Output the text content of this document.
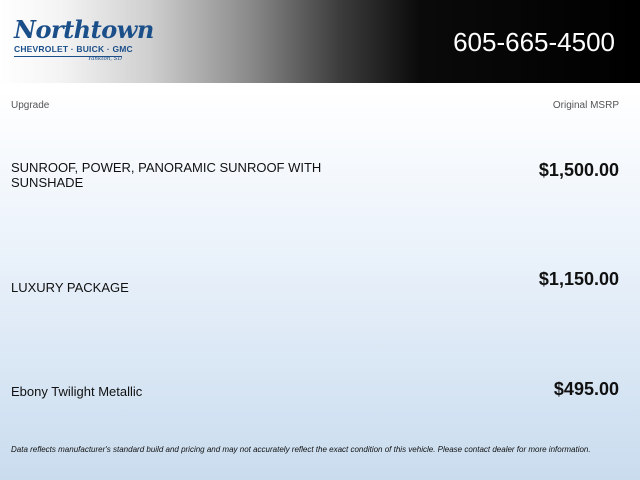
Northtown
CHEVROLET · BUICK · GMC
Yankton, SD
605-665-4500
Upgrade	Original MSRP
SUNROOF, POWER, PANORAMIC SUNROOF WITH SUNSHADE
$1,500.00
LUXURY PACKAGE	$1,150.00
Ebony Twilight Metallic	$495.00
Data reflects manufacturer's standard build and pricing and may not accurately reflect the exact condition of this vehicle. Please contact dealer for more information.
